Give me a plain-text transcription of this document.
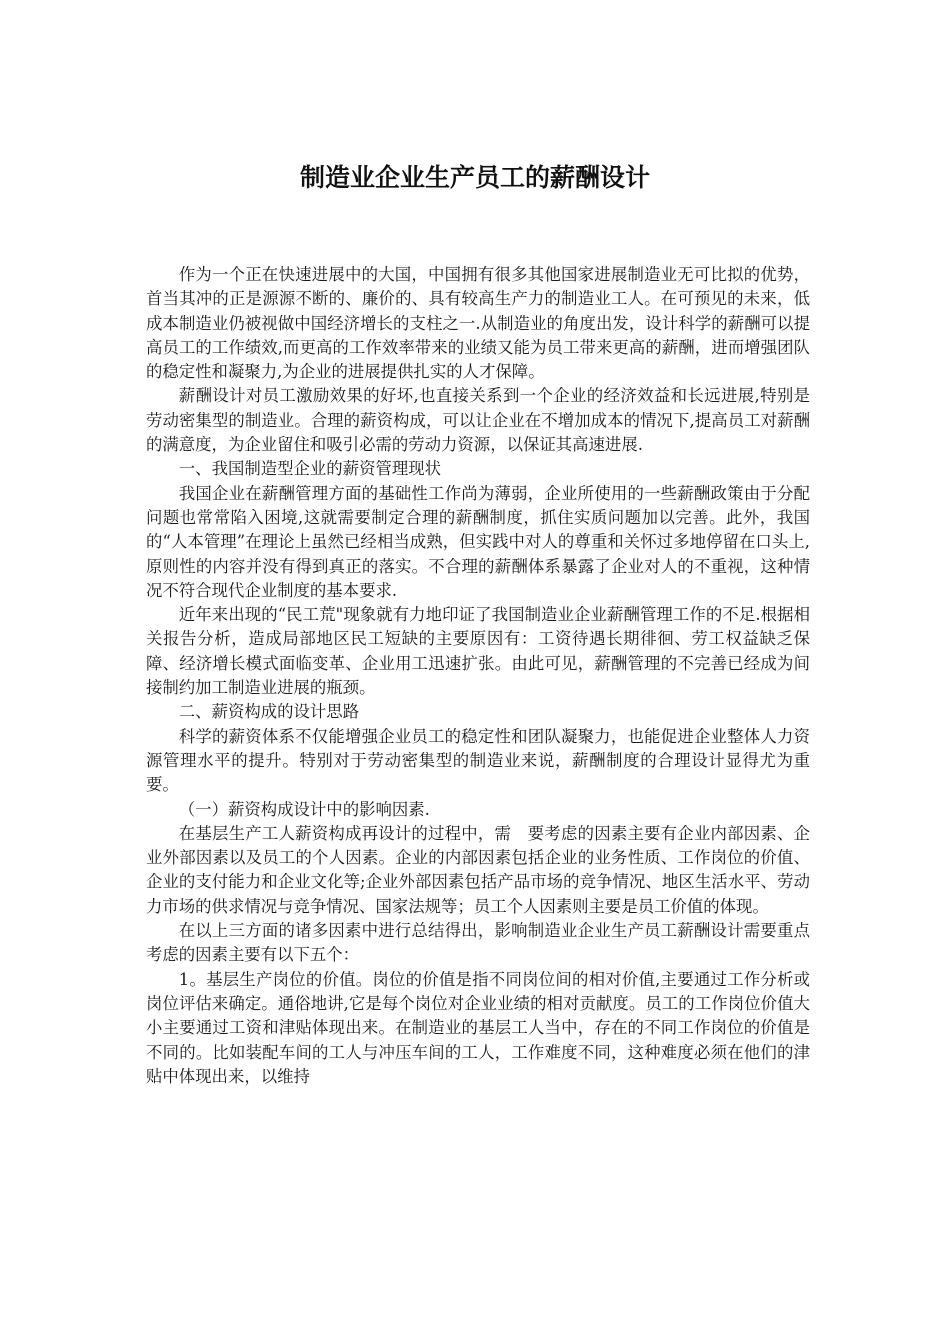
制造业企业生产员工的薪酬设计

作为一个正在快速进展中的大国，中国拥有很多其他国家进展制造业无可比拟的优势，首当其冲的正是源源不断的、廉价的、具有较高生产力的制造业工人。在可预见的未来，低成本制造业仍被视做中国经济增长的支柱之一.从制造业的角度出发，设计科学的薪酬可以提高员工的工作绩效,而更高的工作效率带来的业绩又能为员工带来更高的薪酬，进而增强团队的稳定性和凝聚力,为企业的进展提供扎实的人才保障。

薪酬设计对员工激励效果的好坏,也直接关系到一个企业的经济效益和长远进展,特别是劳动密集型的制造业。合理的薪资构成，可以让企业在不增加成本的情况下,提高员工对薪酬的满意度，为企业留住和吸引必需的劳动力资源，以保证其高速进展.

一、我国制造型企业的薪资管理现状

我国企业在薪酬管理方面的基础性工作尚为薄弱，企业所使用的一些薪酬政策由于分配问题也常常陷入困境,这就需要制定合理的薪酬制度，抓住实质问题加以完善。此外，我国的“人本管理”在理论上虽然已经相当成熟，但实践中对人的尊重和关怀过多地停留在口头上,原则性的内容并没有得到真正的落实。不合理的薪酬体系暴露了企业对人的不重视，这种情况不符合现代企业制度的基本要求.

近年来出现的“民工荒"现象就有力地印证了我国制造业企业薪酬管理工作的不足.根据相关报告分析，造成局部地区民工短缺的主要原因有：工资待遇长期徘徊、劳工权益缺乏保障、经济增长模式面临变革、企业用工迅速扩张。由此可见，薪酬管理的不完善已经成为间接制约加工制造业进展的瓶颈。

二、薪资构成的设计思路

科学的薪资体系不仅能增强企业员工的稳定性和团队凝聚力，也能促进企业整体人力资源管理水平的提升。特别对于劳动密集型的制造业来说，薪酬制度的合理设计显得尤为重要。

（一）薪资构成设计中的影响因素.

在基层生产工人薪资构成再设计的过程中，需　要考虑的因素主要有企业内部因素、企业外部因素以及员工的个人因素。企业的内部因素包括企业的业务性质、工作岗位的价值、企业的支付能力和企业文化等;企业外部因素包括产品市场的竞争情况、地区生活水平、劳动力市场的供求情况与竞争情况、国家法规等；员工个人因素则主要是员工价值的体现。

在以上三方面的诸多因素中进行总结得出，影响制造业企业生产员工薪酬设计需要重点考虑的因素主要有以下五个：

1。基层生产岗位的价值。岗位的价值是指不同岗位间的相对价值,主要通过工作分析或岗位评估来确定。通俗地讲,它是每个岗位对企业业绩的相对贡献度。员工的工作岗位价值大小主要通过工资和津贴体现出来。在制造业的基层工人当中，存在的不同工作岗位的价值是不同的。比如装配车间的工人与冲压车间的工人，工作难度不同，这种难度必须在他们的津贴中体现出来，以维持
